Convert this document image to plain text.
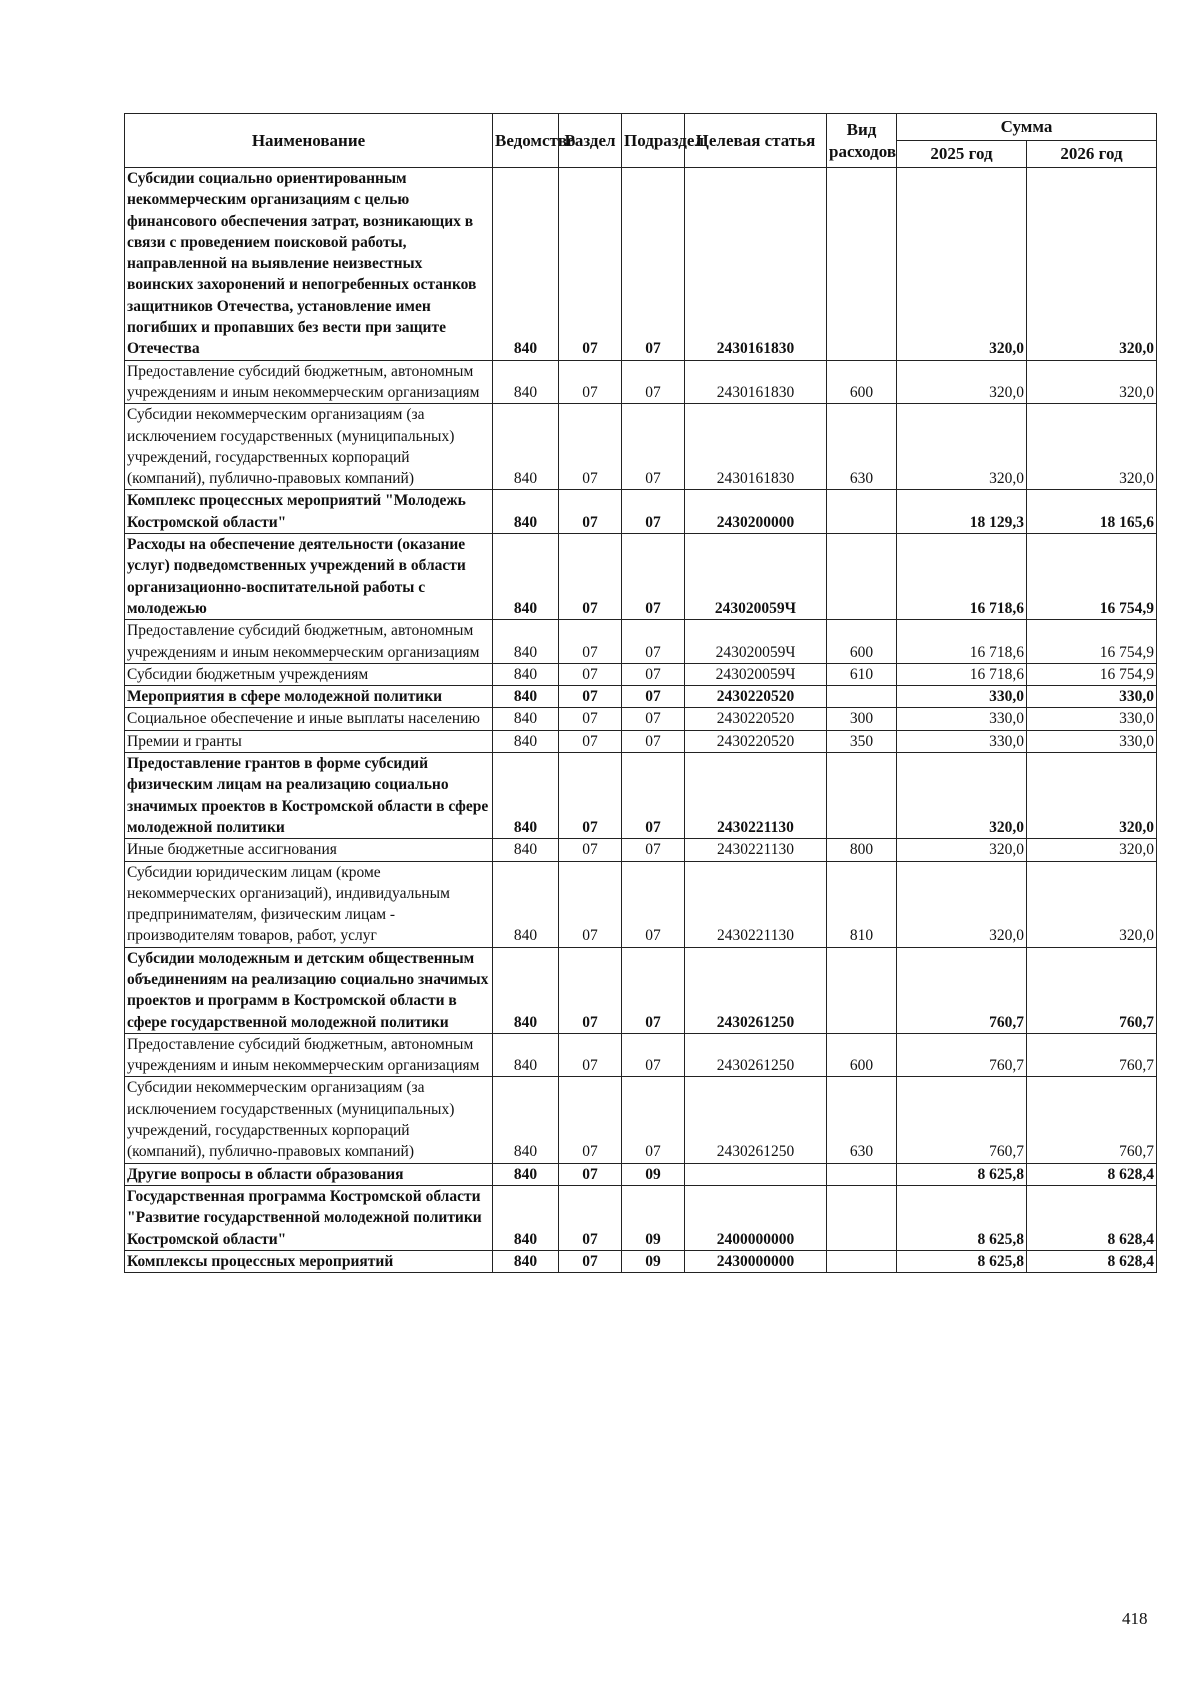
Наименование	Ведомство	Раздел	Подраздел	Целевая статья	Вид расходов	Сумма	
						2025 год	2026 год
Субсидии социально ориентированным некоммерческим организациям с целью финансового обеспечения затрат, возникающих в связи с проведением поисковой работы, направленной на выявление неизвестных воинских захоронений и непогребенных останков защитников Отечества, установление имен погибших и пропавших без вести при защите Отечества	840	07	07	2430161830		320,0	320,0
Предоставление субсидий бюджетным, автономным учреждениям и иным некоммерческим организациям	840	07	07	2430161830	600	320,0	320,0
Субсидии некоммерческим организациям (за исключением государственных (муниципальных) учреждений, государственных корпораций (компаний), публично-правовых компаний)	840	07	07	2430161830	630	320,0	320,0
Комплекс процессных мероприятий "Молодежь Костромской области"	840	07	07	2430200000		18 129,3	18 165,6
Расходы на обеспечение деятельности (оказание услуг) подведомственных учреждений в области организационно-воспитательной работы с молодежью	840	07	07	243020059Ч		16 718,6	16 754,9
Предоставление субсидий бюджетным, автономным учреждениям и иным некоммерческим организациям	840	07	07	243020059Ч	600	16 718,6	16 754,9
Субсидии бюджетным учреждениям	840	07	07	243020059Ч	610	16 718,6	16 754,9
Мероприятия в сфере молодежной политики	840	07	07	2430220520		330,0	330,0
Социальное обеспечение и иные выплаты населению	840	07	07	2430220520	300	330,0	330,0
Премии и гранты	840	07	07	2430220520	350	330,0	330,0
Предоставление грантов в форме субсидий физическим лицам на реализацию социально значимых проектов в Костромской области в сфере молодежной политики	840	07	07	2430221130		320,0	320,0
Иные бюджетные ассигнования	840	07	07	2430221130	800	320,0	320,0
Субсидии юридическим лицам (кроме некоммерческих организаций), индивидуальным предпринимателям, физическим лицам - производителям товаров, работ, услуг	840	07	07	2430221130	810	320,0	320,0
Субсидии молодежным и детским общественным объединениям на реализацию социально значимых проектов и программ в Костромской области в сфере государственной молодежной политики	840	07	07	2430261250		760,7	760,7
Предоставление субсидий бюджетным, автономным учреждениям и иным некоммерческим организациям	840	07	07	2430261250	600	760,7	760,7
Субсидии некоммерческим организациям (за исключением государственных (муниципальных) учреждений, государственных корпораций (компаний), публично-правовых компаний)	840	07	07	2430261250	630	760,7	760,7
Другие вопросы в области образования	840	07	09			8 625,8	8 628,4
Государственная программа Костромской области "Развитие государственной молодежной политики Костромской области"	840	07	09	2400000000		8 625,8	8 628,4
Комплексы процессных мероприятий	840	07	09	2430000000		8 625,8	8 628,4
418
